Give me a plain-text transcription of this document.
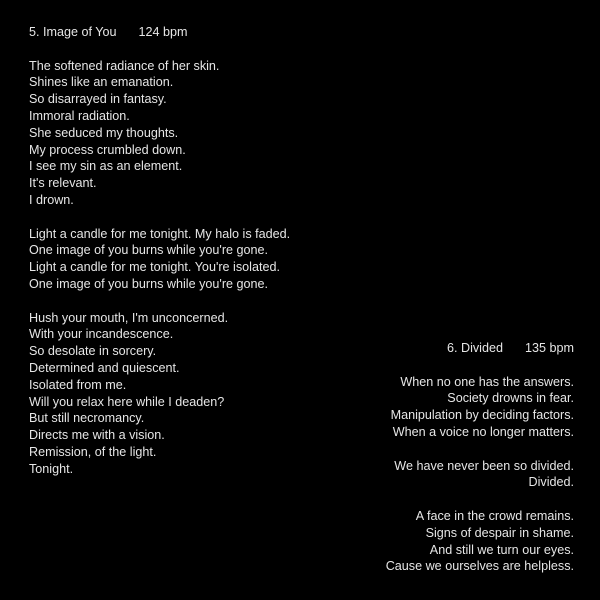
5. Image of You 124 bpm
The softened radiance of her skin.
Shines like an emanation.
So disarrayed in fantasy.
Immoral radiation.
She seduced my thoughts.
My process crumbled down.
I see my sin as an element.
It's relevant.
I drown.
Light a candle for me tonight. My halo is faded.
One image of you burns while you're gone.
Light a candle for me tonight. You're isolated.
One image of you burns while you're gone.
Hush your mouth, I'm unconcerned.
With your incandescence.
So desolate in sorcery.
Determined and quiescent.
Isolated from me.
Will you relax here while I deaden?
But still necromancy.
Directs me with a vision.
Remission, of the light.
Tonight.
6. Divided 135 bpm
When no one has the answers.
Society drowns in fear.
Manipulation by deciding factors.
When a voice no longer matters.
We have never been so divided.
Divided.
A face in the crowd remains.
Signs of despair in shame.
And still we turn our eyes.
Cause we ourselves are helpless.
